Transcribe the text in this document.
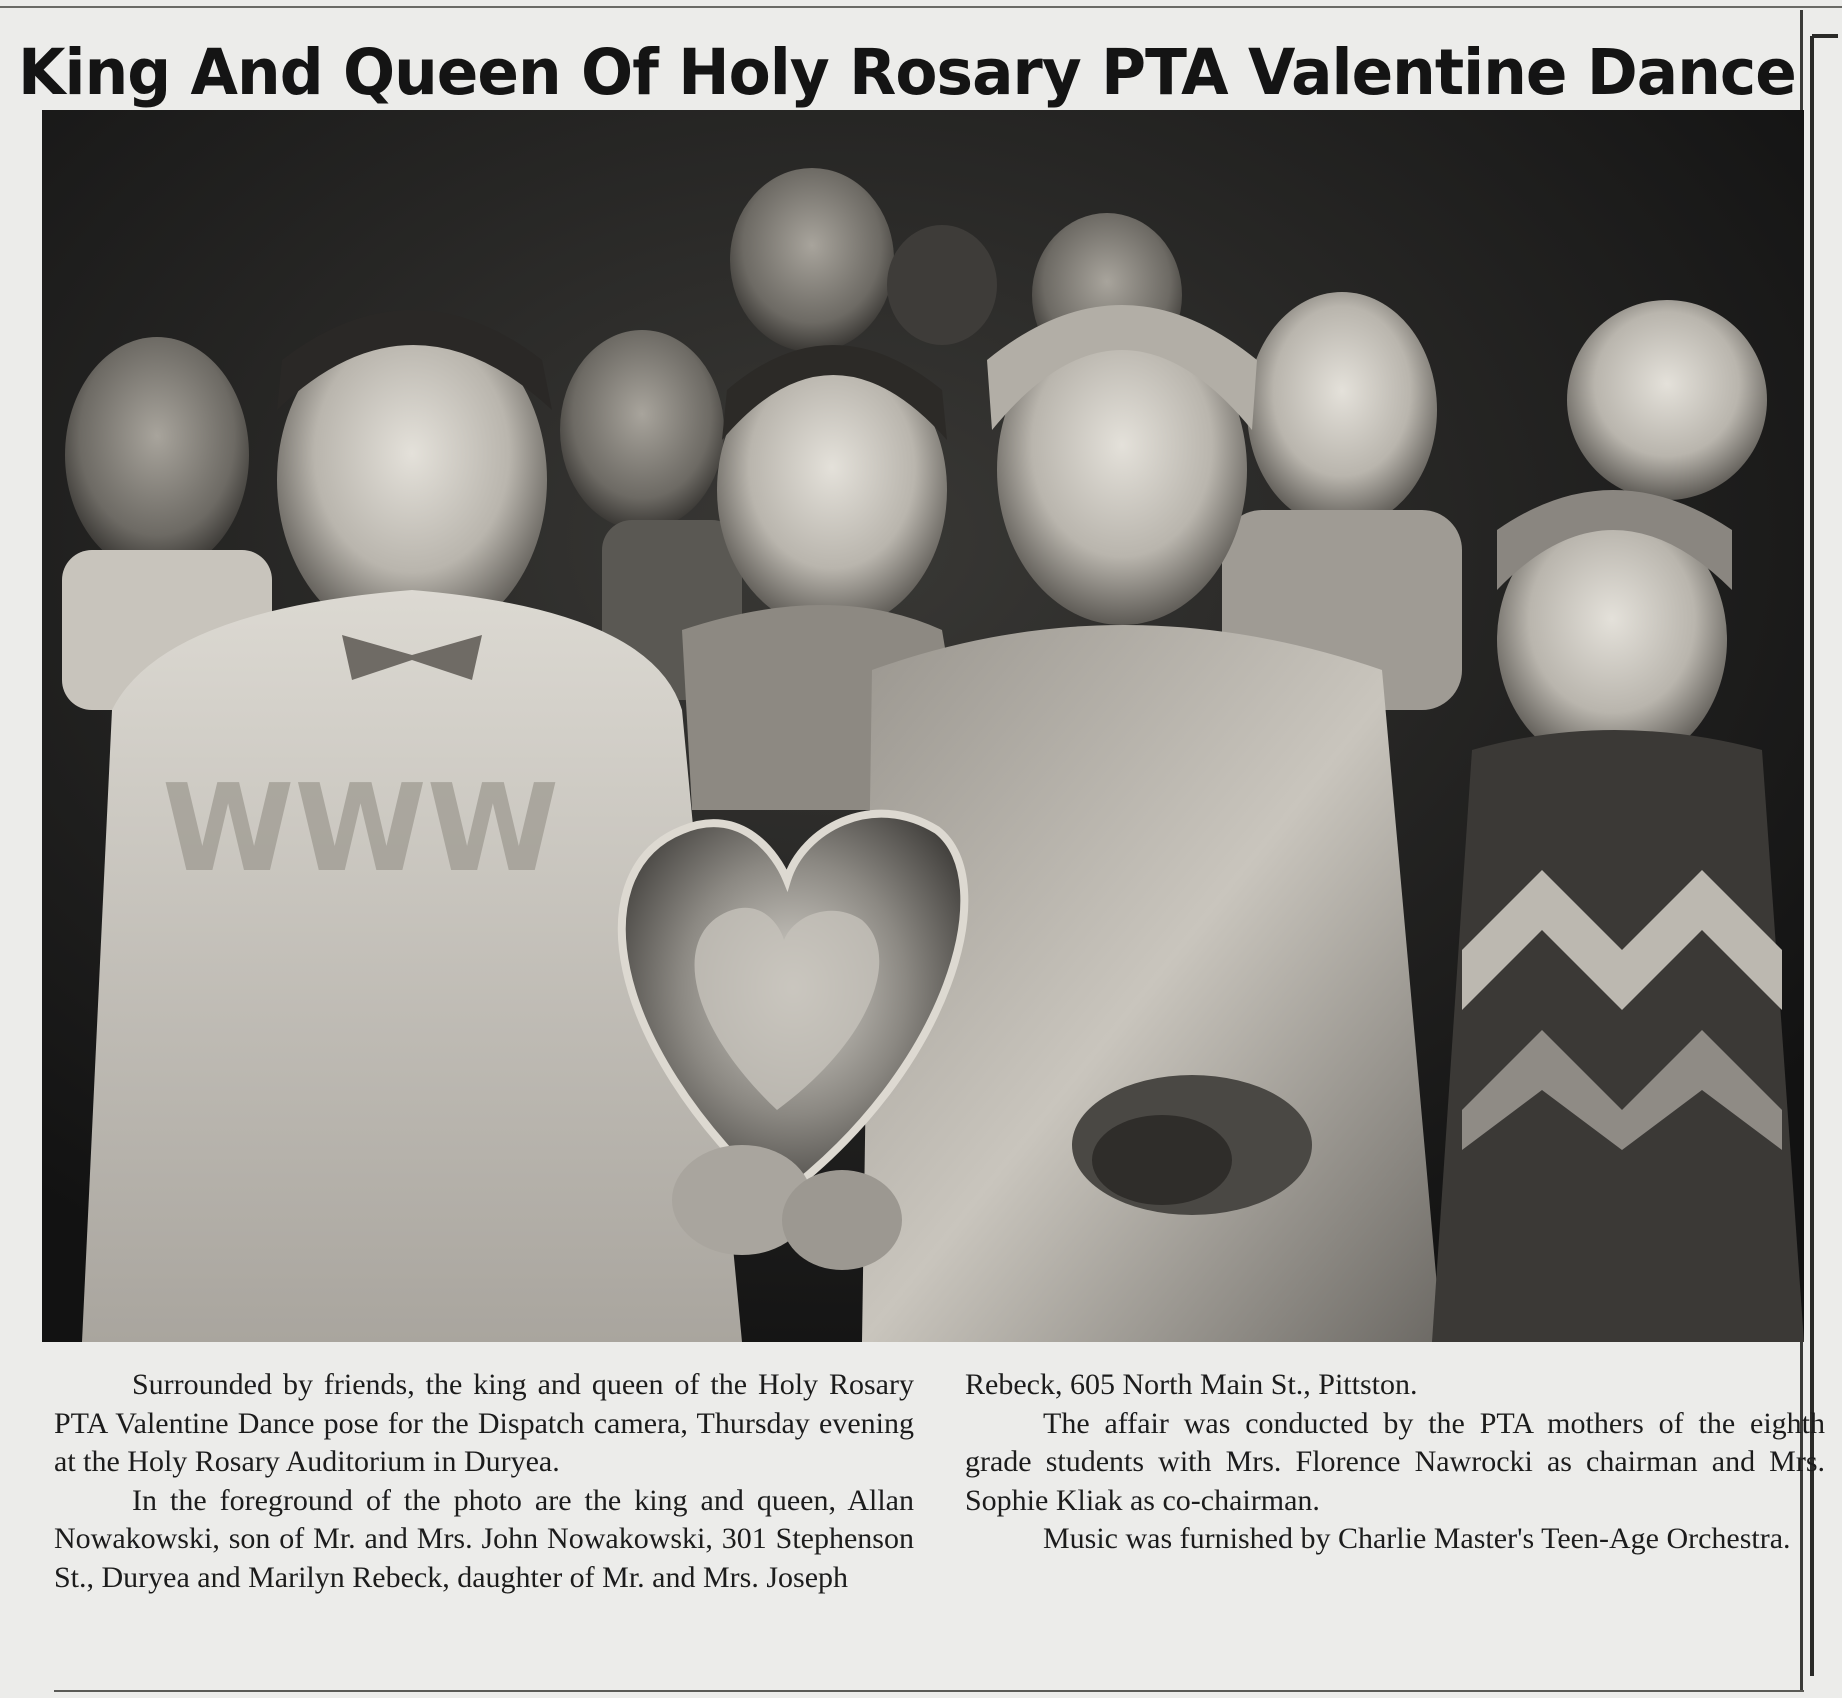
King And Queen Of Holy Rosary PTA Valentine Dance
WWW

Surrounded by friends, the king and queen of the Holy Rosary PTA Valentine Dance pose for the Dispatch camera, Thursday evening at the Holy Rosary Auditorium in Duryea.

In the foreground of the photo are the king and queen, Allan Nowakowski, son of Mr. and Mrs. John Nowakowski, 301 Stephenson St., Duryea and Marilyn Rebeck, daughter of Mr. and Mrs. Joseph

Rebeck, 605 North Main St., Pittston.

The affair was conducted by the PTA mothers of the eighth grade students with Mrs. Florence Nawrocki as chairman and Mrs. Sophie Kliak as co-chairman.

Music was furnished by Charlie Master's Teen-Age Orchestra.
